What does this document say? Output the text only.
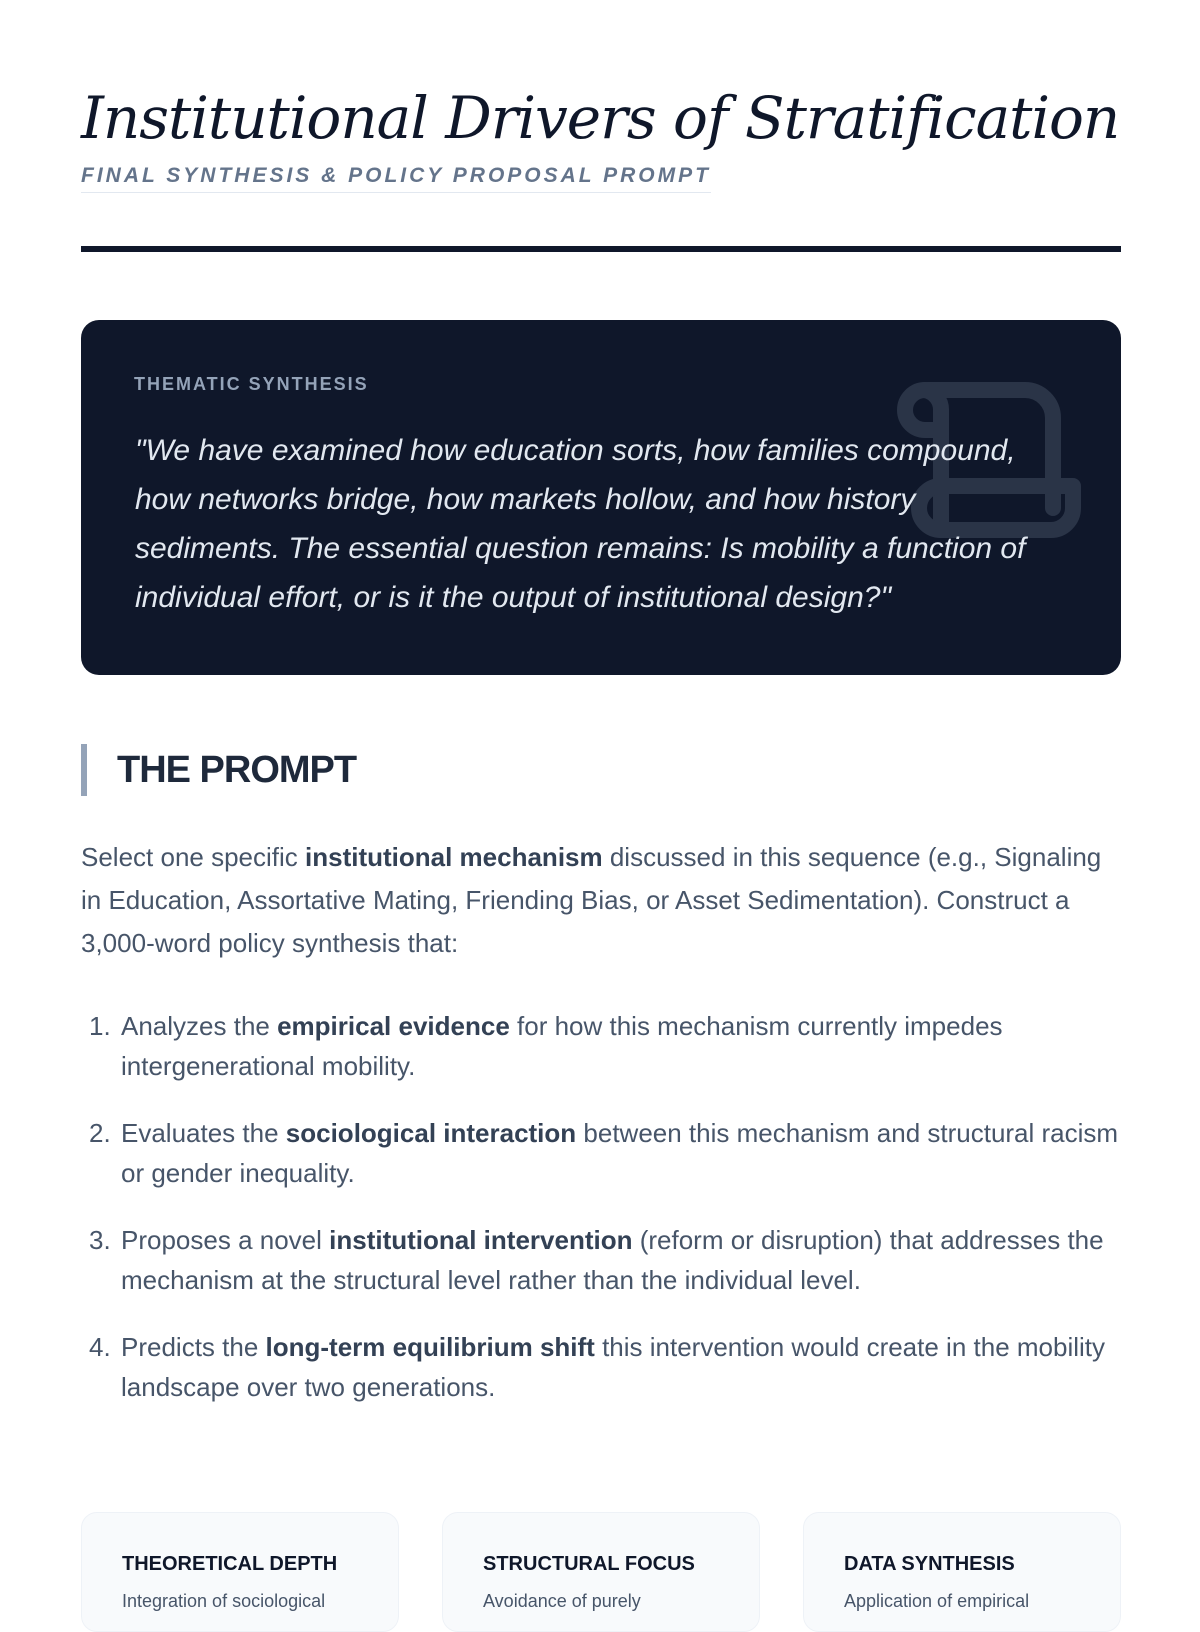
Institutional Drivers of Stratification
FINAL SYNTHESIS & POLICY PROPOSAL PROMPT
THEMATIC SYNTHESIS

"We have examined how education sorts, how families compound, how networks bridge, how markets hollow, and how history sediments. The essential question remains: Is mobility a function of individual effort, or is it the output of institutional design?"

THE PROMPT

Select one specific institutional mechanism discussed in this sequence (e.g., Signaling in Education, Assortative Mating, Friending Bias, or Asset Sedimentation). Construct a 3,000-word policy synthesis that:

1. Analyzes the empirical evidence for how this mechanism currently impedes intergenerational mobility.
2. Evaluates the sociological interaction between this mechanism and structural racism or gender inequality.
3. Proposes a novel institutional intervention (reform or disruption) that addresses the mechanism at the structural level rather than the individual level.
4. Predicts the long-term equilibrium shift this intervention would create in the mobility landscape over two generations.
THEORETICAL DEPTH
Integration of sociological
STRUCTURAL FOCUS
Avoidance of purely
DATA SYNTHESIS
Application of empirical
